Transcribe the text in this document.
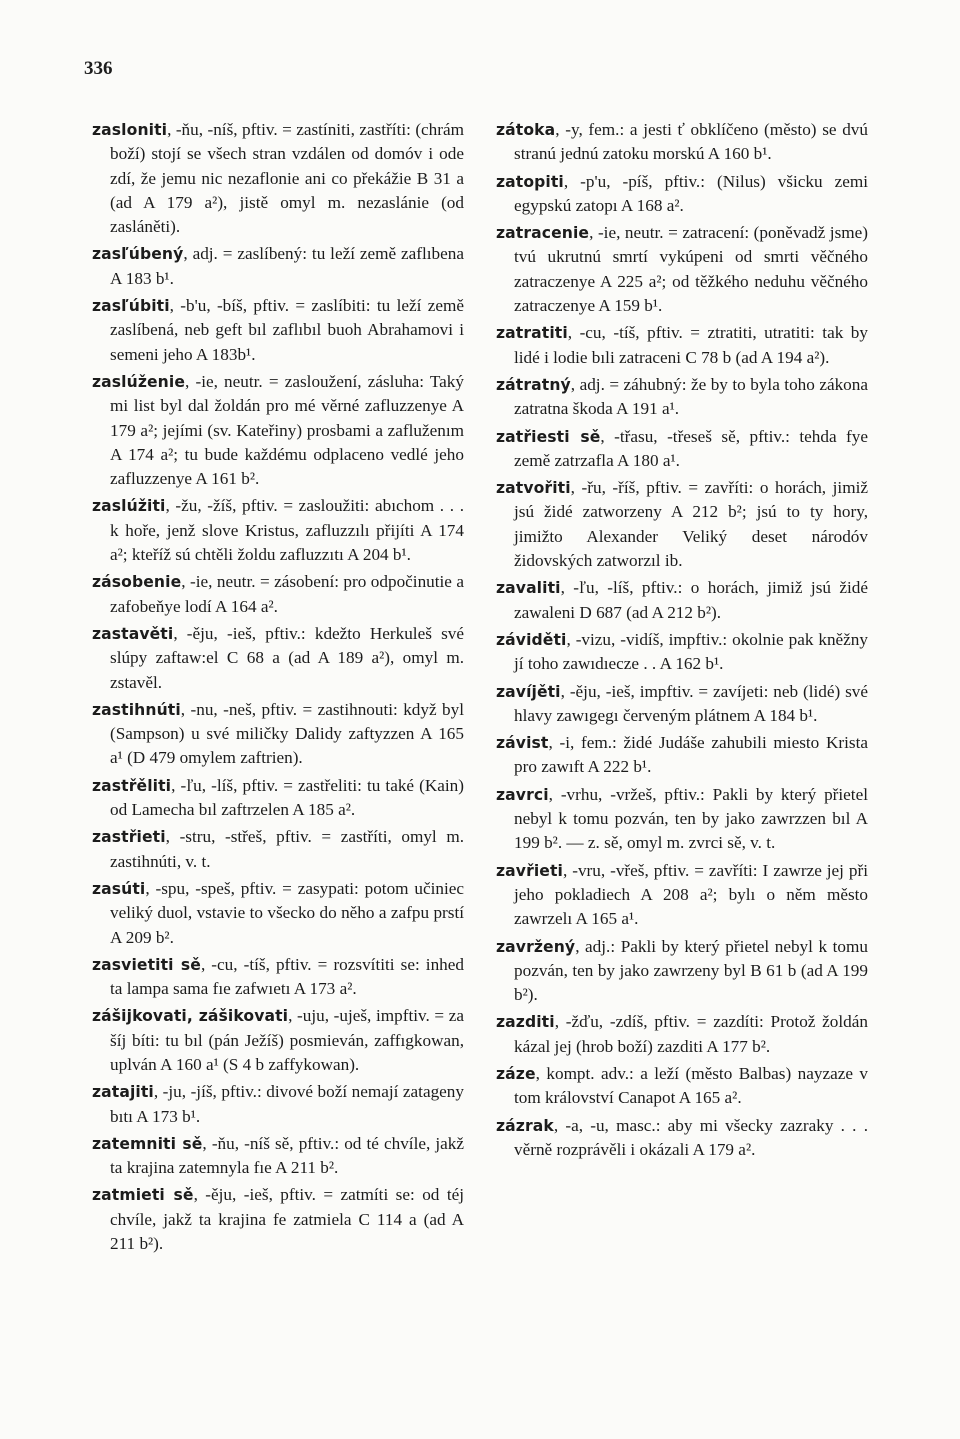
336

zasloniti, -ňu, -níš, pftiv. = zastíniti, zastříti: (chrám boží) stojí se všech stran vzdálen od domóv i ode zdí, že jemu nic nezaflonie ani co překážie B 31 a (ad A 179 a²), jistě omyl m. nezaslánie (od zasláněti).

zasľúbený, adj. = zaslíbený: tu leží země zaflıbena A 183 b¹.

zasľúbiti, -b'u, -bíš, pftiv. = zaslíbiti: tu leží země zaslíbená, neb geft bıl zaflıbıl buoh Abrahamovi i semeni jeho A 183b¹.

zaslúženie, -ie, neutr. = zasloužení, zásluha: Taký mi list byl dal žoldán pro mé věrné zafluzzenye A 179 a²; jejími (sv. Kateřiny) prosbami a zafluženım A 174 a²; tu bude každému odplaceno vedlé jeho zafluzzenye A 161 b².

zaslúžiti, -žu, -žíš, pftiv. = zasloužiti: abıchom . . . k hoře, jenž slove Kristus, zafluzzılı přijíti A 174 a²; kteříž sú chtěli žoldu zafluzzıtı A 204 b¹.

zásobenie, -ie, neutr. = zásobení: pro odpočinutie a zafobeňye lodí A 164 a².

zastavěti, -ěju, -ieš, pftiv.: kdežto Herkuleš své slúpy zaftaw:el C 68 a (ad A 189 a²), omyl m. zstavěl.

zastihnúti, -nu, -neš, pftiv. = zastihnouti: když byl (Sampson) u své miličky Dalidy zaftyzzen A 165 a¹ (D 479 omylem zaftrien).

zastřěliti, -ľu, -líš, pftiv. = zastřeliti: tu také (Kain) od Lamecha bıl zaftrzelen A 185 a².

zastřieti, -stru, -střeš, pftiv. = zastříti, omyl m. zastihnúti, v. t.

zasúti, -spu, -speš, pftiv. = zasypati: potom učiniec veliký duol, vstavie to všecko do něho a zafpu prstí A 209 b².

zasvietiti sě, -cu, -tíš, pftiv. = rozsvítiti se: inhed ta lampa sama fıe zafwıetı A 173 a².

zášijkovati, zášikovati, -uju, -uješ, impftiv. = za šíj bíti: tu bıl (pán Ježíš) posmieván, zaffıgkowan, uplván A 160 a¹ (S 4 b zaffykowan).

zatajiti, -ju, -jíš, pftiv.: divové boží nemají zatageny bıtı A 173 b¹.

zatemniti sě, -ňu, -níš sě, pftiv.: od té chvíle, jakž ta krajina zatemnyla fıe A 211 b².

zatmieti sě, -ěju, -ieš, pftiv. = zatmíti se: od téj chvíle, jakž ta krajina fe zatmiela C 114 a (ad A 211 b²).

zátoka, -y, fem.: a jesti ť obklíčeno (město) se dvú stranú jednú zatoku morskú A 160 b¹.

zatopiti, -p'u, -píš, pftiv.: (Nilus) všicku zemi egypskú zatopı A 168 a².

zatracenie, -ie, neutr. = zatracení: (poněvadž jsme) tvú ukrutnú smrtí vykúpeni od smrti věčného zatraczenye A 225 a²; od těžkého neduhu věčného zatraczenye A 159 b¹.

zatratiti, -cu, -tíš, pftiv. = ztratiti, utratiti: tak by lidé i lodie bıli zatraceni C 78 b (ad A 194 a²).

zátratný, adj. = záhubný: že by to byla toho zákona zatratna škoda A 191 a¹.

zatřiesti sě, -třasu, -třeseš sě, pftiv.: tehda fye země zatrzafla A 180 a¹.

zatvořiti, -řu, -říš, pftiv. = zavříti: o horách, jimiž jsú židé zatworzeny A 212 b²; jsú to ty hory, jimižto Alexander Veliký deset národóv židovských zatworzıl ib.

zavaliti, -ľu, -líš, pftiv.: o horách, jimiž jsú židé zawaleni D 687 (ad A 212 b²).

záviděti, -vizu, -vidíš, impftiv.: okolnie pak kněžny jí toho zawıdıecze . . A 162 b¹.

zavíjěti, -ěju, -ieš, impftiv. = zavíjeti: neb (lidé) své hlavy zawıgegı červeným plátnem A 184 b¹.

závist, -i, fem.: židé Judáše zahubili miesto Krista pro zawıft A 222 b¹.

zavrci, -vrhu, -vržeš, pftiv.: Pakli by který přietel nebyl k tomu pozván, ten by jako zawrzzen bıl A 199 b². — z. sě, omyl m. zvrci sě, v. t.

zavřieti, -vru, -vřeš, pftiv. = zavříti: I zawrze jej při jeho pokladiech A 208 a²; bylı o něm město zawrzelı A 165 a¹.

zavržený, adj.: Pakli by který přietel nebyl k tomu pozván, ten by jako zawrzeny byl B 61 b (ad A 199 b²).

zazditi, -žďu, -zdíš, pftiv. = zazdíti: Protož žoldán kázal jej (hrob boží) zazditi A 177 b².

záze, kompt. adv.: a leží (město Balbas) nayzaze v tom království Canapot A 165 a².

zázrak, -a, -u, masc.: aby mi všecky zazraky . . . věrně rozprávěli i okázali A 179 a².
